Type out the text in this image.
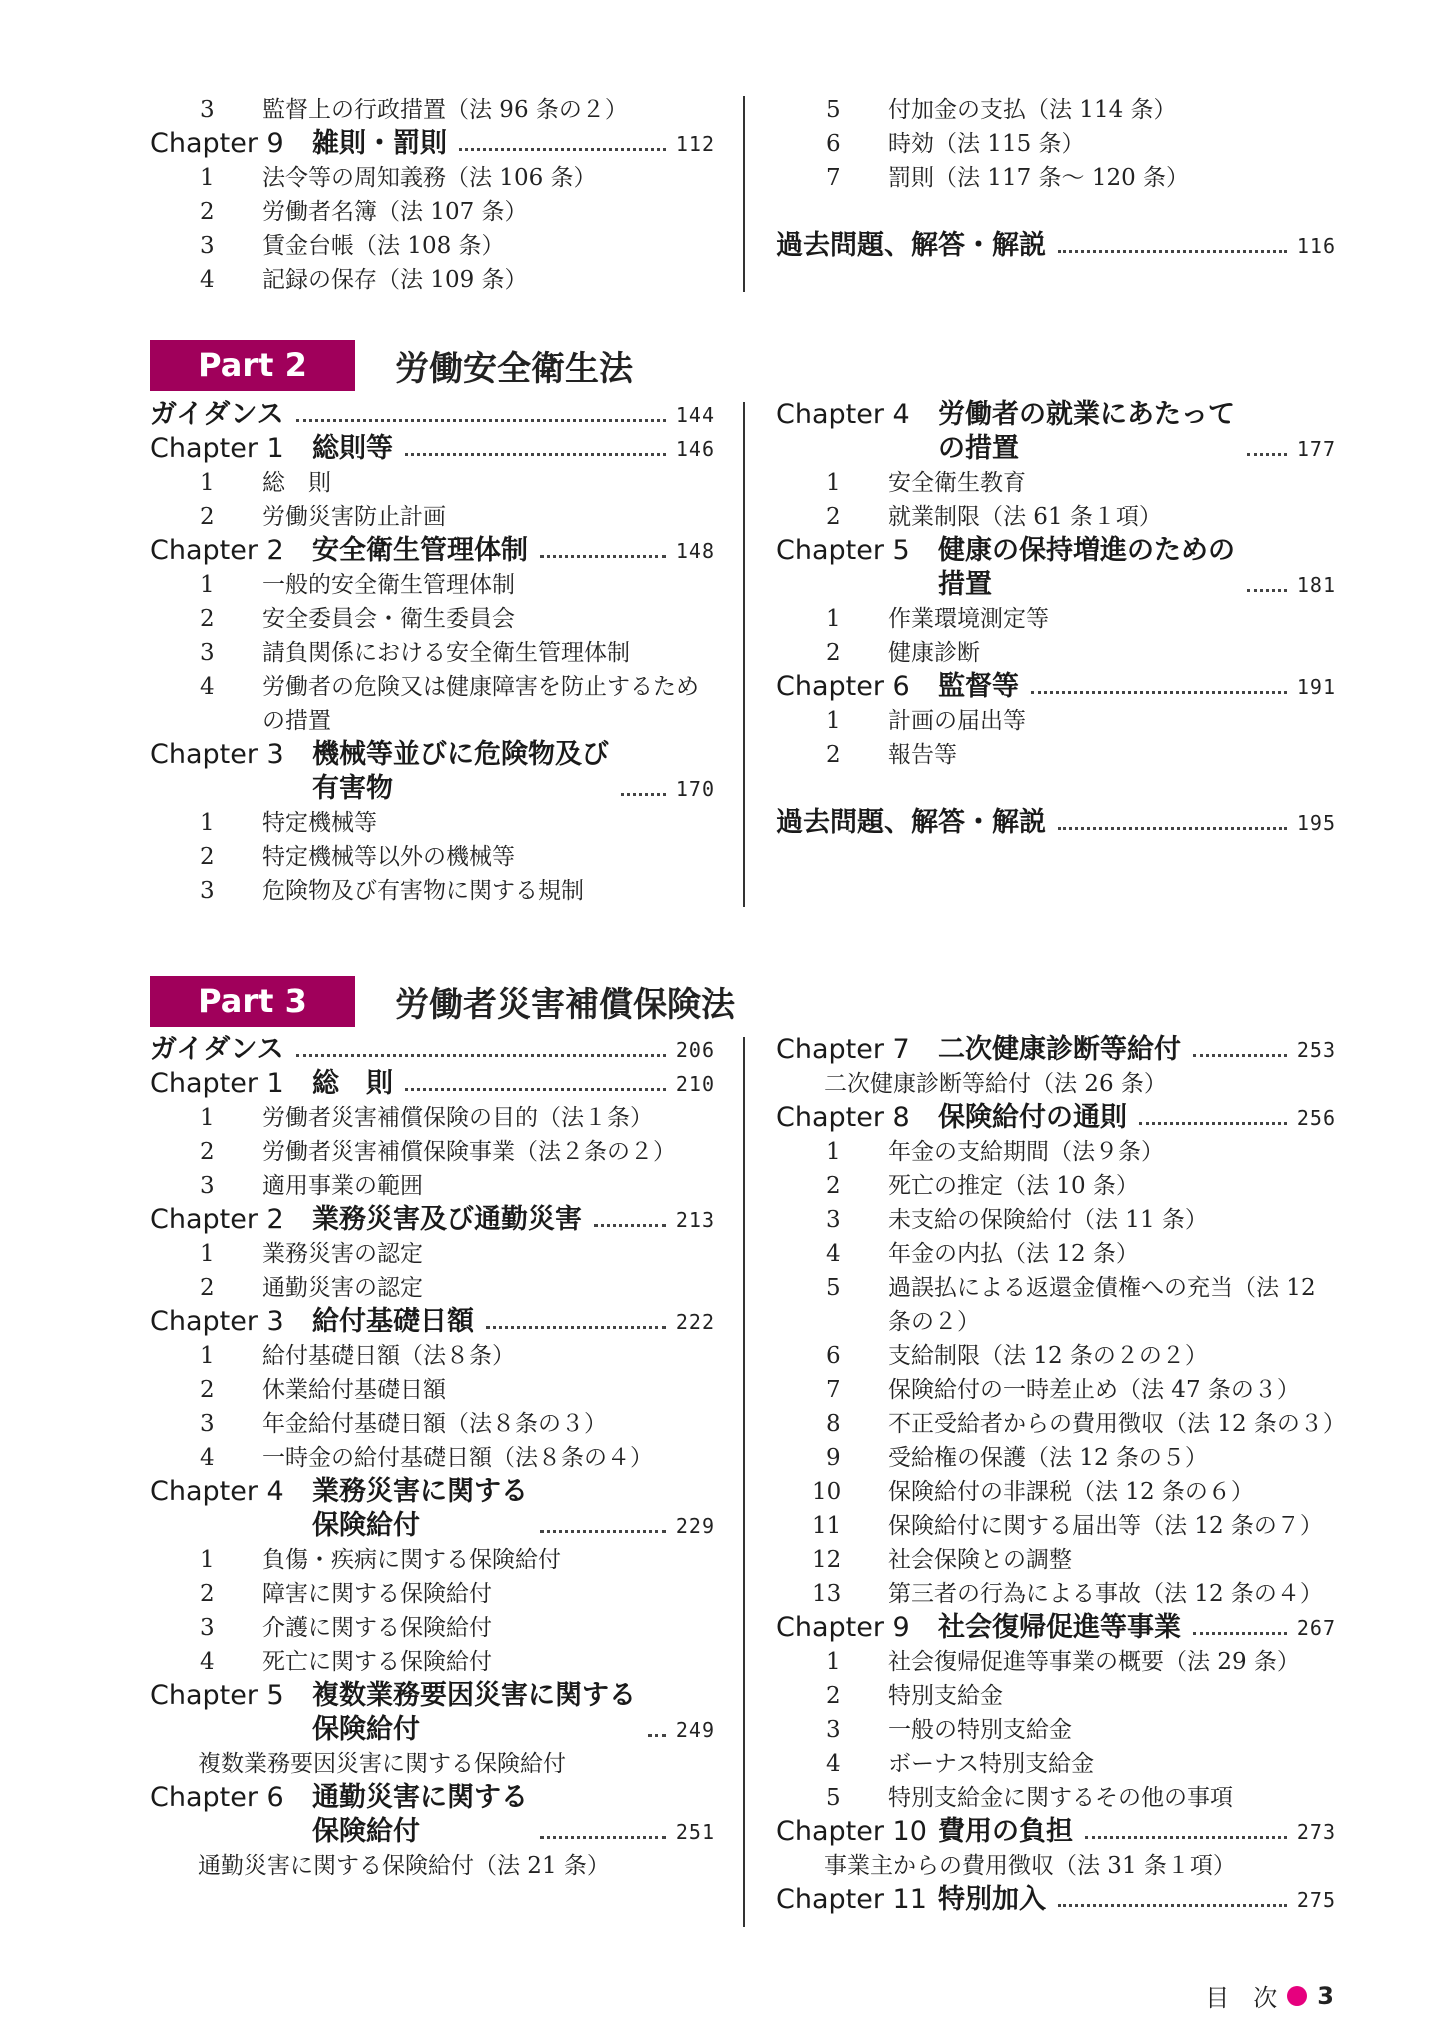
3	監督上の行政措置（法 96 条の２）
Chapter 9	雑則・罰則	112
1	法令等の周知義務（法 106 条）
2	労働者名簿（法 107 条）
3	賃金台帳（法 108 条）
4	記録の保存（法 109 条）
5	付加金の支払（法 114 条）
6	時効（法 115 条）
7	罰則（法 117 条～ 120 条）
過去問題、解答・解説	116
Part 2	労働安全衛生法
ガイダンス	144
Chapter 1	総則等	146
1	総　則
2	労働災害防止計画
Chapter 2	安全衛生管理体制	148
1	一般的安全衛生管理体制
2	安全委員会・衛生委員会
3	請負関係における安全衛生管理体制
4	労働者の危険又は健康障害を防止するため
の措置
Chapter 3	機械等並びに危険物及び
有害物	170
1	特定機械等
2	特定機械等以外の機械等
3	危険物及び有害物に関する規制
Chapter 4	労働者の就業にあたって
の措置	177
1	安全衛生教育
2	就業制限（法 61 条１項）
Chapter 5	健康の保持増進のための
措置	181
1	作業環境測定等
2	健康診断
Chapter 6	監督等	191
1	計画の届出等
2	報告等
過去問題、解答・解説	195
Part 3	労働者災害補償保険法
ガイダンス	206
Chapter 1	総　則	210
1	労働者災害補償保険の目的（法１条）
2	労働者災害補償保険事業（法２条の２）
3	適用事業の範囲
Chapter 2	業務災害及び通勤災害	213
1	業務災害の認定
2	通勤災害の認定
Chapter 3	給付基礎日額	222
1	給付基礎日額（法８条）
2	休業給付基礎日額
3	年金給付基礎日額（法８条の３）
4	一時金の給付基礎日額（法８条の４）
Chapter 4	業務災害に関する
保険給付	229
1	負傷・疾病に関する保険給付
2	障害に関する保険給付
3	介護に関する保険給付
4	死亡に関する保険給付
Chapter 5	複数業務要因災害に関する
保険給付	249
複数業務要因災害に関する保険給付
Chapter 6	通勤災害に関する
保険給付	251
通勤災害に関する保険給付（法 21 条）
Chapter 7	二次健康診断等給付	253
二次健康診断等給付（法 26 条）
Chapter 8	保険給付の通則	256
1	年金の支給期間（法９条）
2	死亡の推定（法 10 条）
3	未支給の保険給付（法 11 条）
4	年金の内払（法 12 条）
5	過誤払による返還金債権への充当（法 12
条の２）
6	支給制限（法 12 条の２の２）
7	保険給付の一時差止め（法 47 条の３）
8	不正受給者からの費用徴収（法 12 条の３）
9	受給権の保護（法 12 条の５）
10	保険給付の非課税（法 12 条の６）
11	保険給付に関する届出等（法 12 条の７）
12	社会保険との調整
13	第三者の行為による事故（法 12 条の４）
Chapter 9	社会復帰促進等事業	267
1	社会復帰促進等事業の概要（法 29 条）
2	特別支給金
3	一般の特別支給金
4	ボーナス特別支給金
5	特別支給金に関するその他の事項
Chapter 10 費用の負担	273
事業主からの費用徴収（法 31 条１項）
Chapter 11 特別加入	275
目　次 3
